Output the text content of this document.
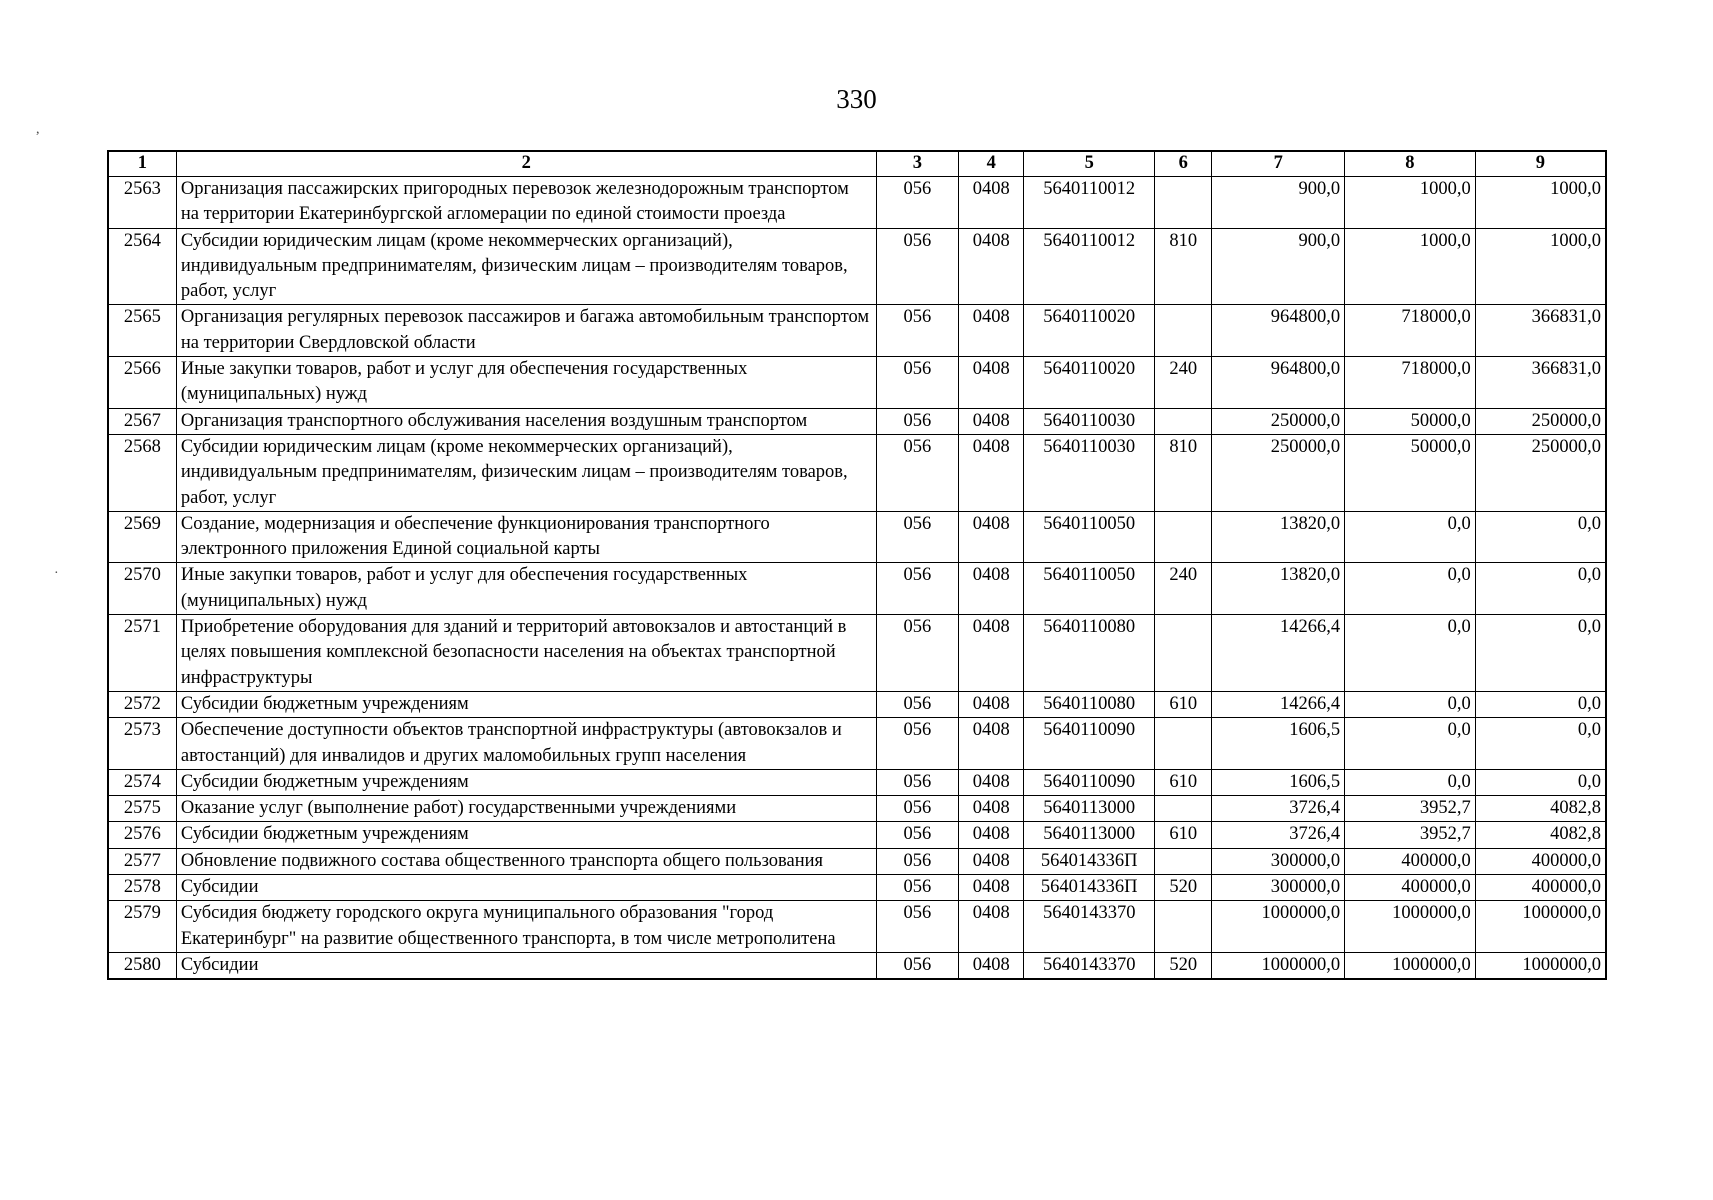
330
,
·
1	2	3	4	5	6	7	8	9
2563	Организация пассажирских пригородных перевозок железнодорожным транспортом на территории Екатеринбургской агломерации по единой стоимости проезда	056	0408	5640110012		900,0	1000,0	1000,0
2564	Субсидии юридическим лицам (кроме некоммерческих организаций), индивидуальным предпринимателям, физическим лицам – производителям товаров, работ, услуг	056	0408	5640110012	810	900,0	1000,0	1000,0
2565	Организация регулярных перевозок пассажиров и багажа автомобильным транспортом на территории Свердловской области	056	0408	5640110020		964800,0	718000,0	366831,0
2566	Иные закупки товаров, работ и услуг для обеспечения государственных (муниципальных) нужд	056	0408	5640110020	240	964800,0	718000,0	366831,0
2567	Организация транспортного обслуживания населения воздушным транспортом	056	0408	5640110030		250000,0	50000,0	250000,0
2568	Субсидии юридическим лицам (кроме некоммерческих организаций), индивидуальным предпринимателям, физическим лицам – производителям товаров, работ, услуг	056	0408	5640110030	810	250000,0	50000,0	250000,0
2569	Создание, модернизация и обеспечение функционирования транспортного электронного приложения Единой социальной карты	056	0408	5640110050		13820,0	0,0	0,0
2570	Иные закупки товаров, работ и услуг для обеспечения государственных (муниципальных) нужд	056	0408	5640110050	240	13820,0	0,0	0,0
2571	Приобретение оборудования для зданий и территорий автовокзалов и автостанций в целях повышения комплексной безопасности населения на объектах транспортной инфраструктуры	056	0408	5640110080		14266,4	0,0	0,0
2572	Субсидии бюджетным учреждениям	056	0408	5640110080	610	14266,4	0,0	0,0
2573	Обеспечение доступности объектов транспортной инфраструктуры (автовокзалов и автостанций) для инвалидов и других маломобильных групп населения	056	0408	5640110090		1606,5	0,0	0,0
2574	Субсидии бюджетным учреждениям	056	0408	5640110090	610	1606,5	0,0	0,0
2575	Оказание услуг (выполнение работ) государственными учреждениями	056	0408	5640113000		3726,4	3952,7	4082,8
2576	Субсидии бюджетным учреждениям	056	0408	5640113000	610	3726,4	3952,7	4082,8
2577	Обновление подвижного состава общественного транспорта общего пользования	056	0408	564014336П		300000,0	400000,0	400000,0
2578	Субсидии	056	0408	564014336П	520	300000,0	400000,0	400000,0
2579	Субсидия бюджету городского округа муниципального образования "город Екатеринбург" на развитие общественного транспорта, в том числе метрополитена	056	0408	5640143370		1000000,0	1000000,0	1000000,0
2580	Субсидии	056	0408	5640143370	520	1000000,0	1000000,0	1000000,0
